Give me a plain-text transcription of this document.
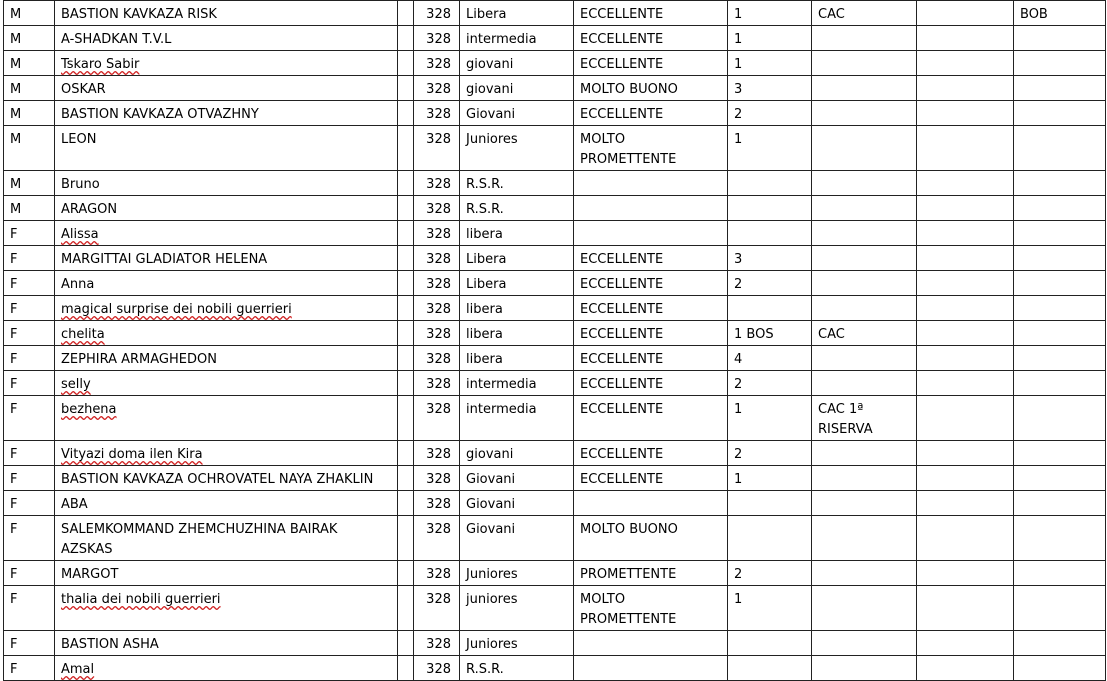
M	BASTION KAVKAZA RISK		328	Libera	ECCELLENTE	1	CAC		BOB
M	A-SHADKAN T.V.L		328	intermedia	ECCELLENTE	1			
M	Tskaro Sabir		328	giovani	ECCELLENTE	1			
M	OSKAR		328	giovani	MOLTO BUONO	3			
M	BASTION KAVKAZA OTVAZHNY		328	Giovani	ECCELLENTE	2			
M	LEON		328	Juniores	MOLTO PROMETTENTE	1			
M	Bruno		328	R.S.R.					
M	ARAGON		328	R.S.R.					
F	Alissa		328	libera					
F	MARGITTAI GLADIATOR HELENA		328	Libera	ECCELLENTE	3			
F	Anna		328	Libera	ECCELLENTE	2			
F	magical surprise dei nobili guerrieri		328	libera	ECCELLENTE				
F	chelita		328	libera	ECCELLENTE	1 BOS	CAC		
F	ZEPHIRA ARMAGHEDON		328	libera	ECCELLENTE	4			
F	selly		328	intermedia	ECCELLENTE	2			
F	bezhena		328	intermedia	ECCELLENTE	1	CAC 1ª RISERVA		
F	Vityazi doma ilen Kira		328	giovani	ECCELLENTE	2			
F	BASTION KAVKAZA OCHROVATEL NAYA ZHAKLIN		328	Giovani	ECCELLENTE	1			
F	ABA		328	Giovani					
F	SALEMKOMMAND ZHEMCHUZHINA BAIRAK AZSKAS		328	Giovani	MOLTO BUONO				
F	MARGOT		328	Juniores	PROMETTENTE	2			
F	thalia dei nobili guerrieri		328	juniores	MOLTO PROMETTENTE	1			
F	BASTION ASHA		328	Juniores					
F	Amal		328	R.S.R.					
